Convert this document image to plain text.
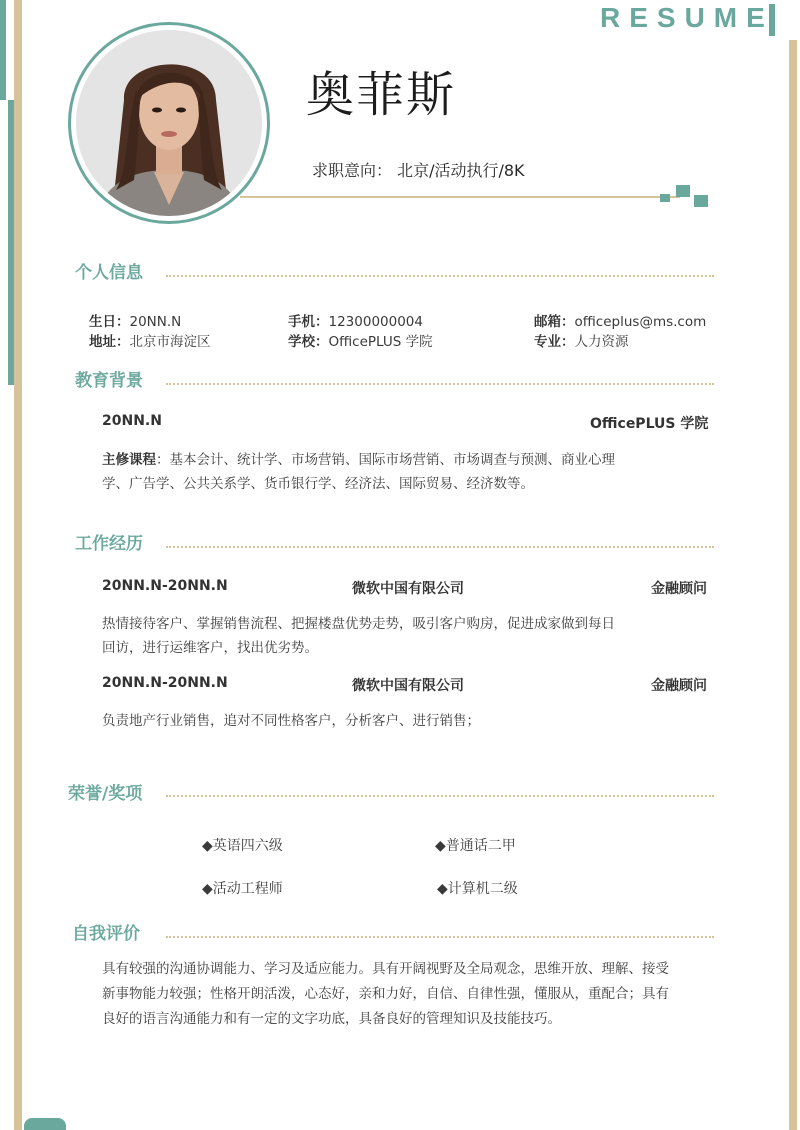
RESUME
奥菲斯
求职意向： 北京/活动执行/8K
个人信息
生日：20NN.N	手机：12300000004	邮箱：officeplus@ms.com
地址：北京市海淀区	学校：OfficePLUS 学院	专业：人力资源
教育背景
20NN.N	OfficePLUS 学院
主修课程：基本会计、统计学、市场营销、国际市场营销、市场调查与预测、商业心理
学、广告学、公共关系学、货币银行学、经济法、国际贸易、经济数等。
工作经历
20NN.N-20NN.N	微软中国有限公司	金融顾问
热情接待客户、掌握销售流程、把握楼盘优势走势，吸引客户购房，促进成家做到每日
回访，进行运维客户，找出优劣势。
20NN.N-20NN.N	微软中国有限公司	金融顾问
负责地产行业销售，追对不同性格客户，分析客户、进行销售；
荣誉/奖项
◆英语四六级	◆普通话二甲
◆活动工程师	◆计算机二级
自我评价
具有较强的沟通协调能力、学习及适应能力。具有开阔视野及全局观念，思维开放、理解、接受
新事物能力较强；性格开朗活泼，心态好，亲和力好，自信、自律性强，懂服从，重配合；具有
良好的语言沟通能力和有一定的文字功底，具备良好的管理知识及技能技巧。
